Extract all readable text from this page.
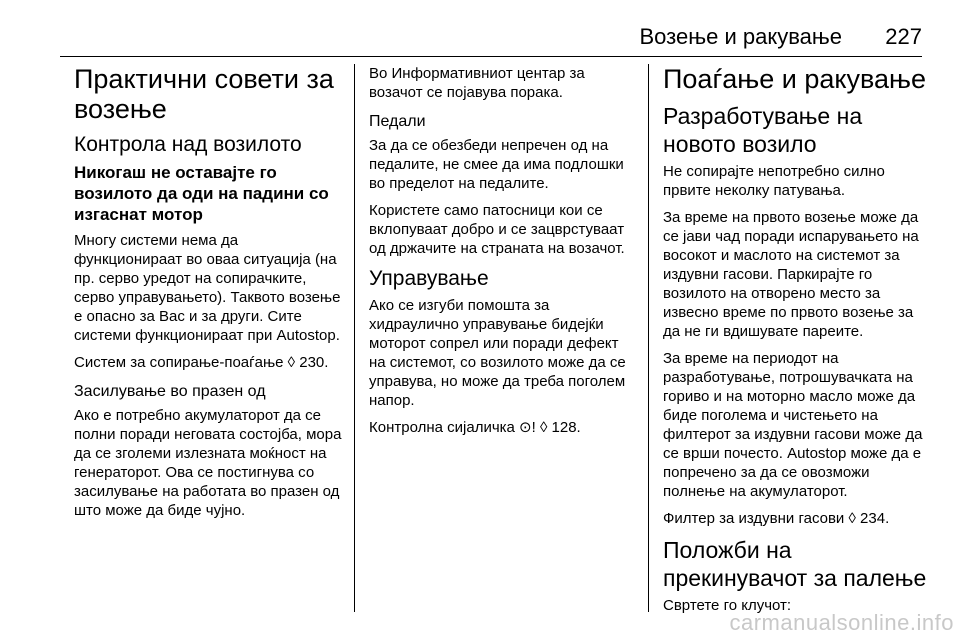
Возење и ракување 227
Практични совети за возење
Контрола над возилото
Никогаш не оставајте го возилото да оди на падини со изгаснат мотор

Многу системи нема да функционираат во оваа ситуација (на пр. серво уредот на сопирачките, серво управувањето). Таквото возење е опасно за Вас и за други. Сите системи функционираат при Autostop.

Систем за сопирање-поаѓање ◊ 230.

Засилување во празен од

Ако е потребно акумулаторот да се полни поради неговата состојба, мора да се зголеми излезната моќност на генераторот. Ова се постигнува со засилување на работата во празен од што може да биде чујно.

Во Информативниот центар за возачот се појавува порака.

Педали

За да се обезбеди непречен од на педалите, не смее да има подлошки во пределот на педалите.

Користете само патосници кои се вклопуваат добро и се зацврстуваат од држачите на страната на возачот.

Управување

Ако се изгуби помошта за хидраулично управување бидејќи моторот сопрел или поради дефект на системот, со возилото може да се управува, но може да треба поголем напор.

Контролна сијаличка ⊙! ◊ 128.

Поаѓање и ракување
Разработување на новото возило

Не сопирајте непотребно силно првите неколку патувања.

За време на првото возење може да се јави чад поради испарувањето на восокот и маслото на системот за издувни гасови. Паркирајте го возилото на отворено место за извесно време по првото возење за да не ги вдишувате пареите.

За време на периодот на разработување, потрошувачката на гориво и на моторно масло може да биде поголема и чистењето на филтерот за издувни гасови може да се врши почесто. Autostop може да е попречено за да се овозможи полнење на акумулаторот.

Филтер за издувни гасови ◊ 234.

Положби на прекинувачот за палење

Свртете го клучот:

carmanualsonline.info
